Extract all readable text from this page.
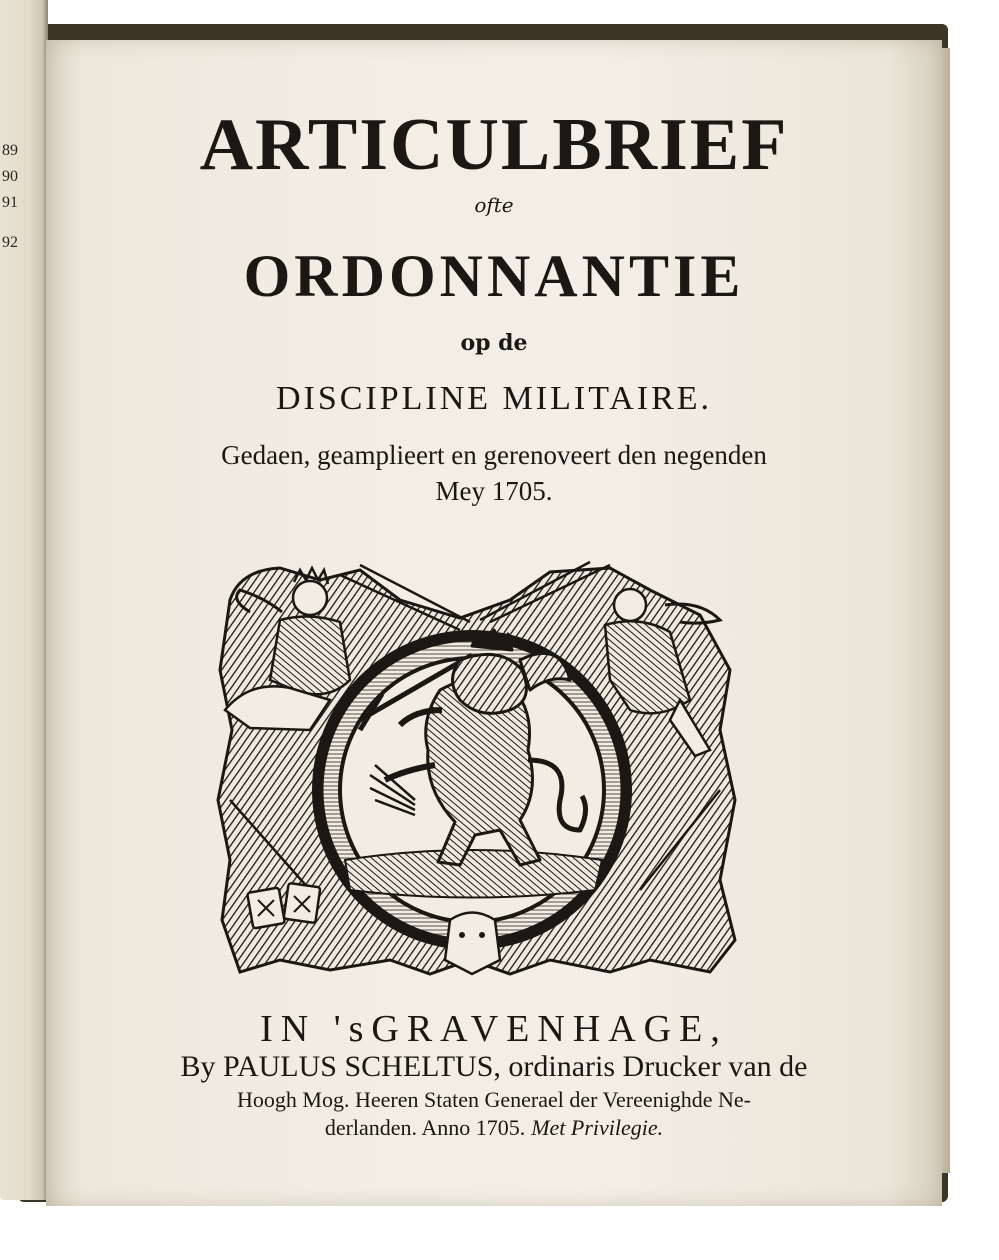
89
90
91
92
ARTICULBRIEF
ofte
ORDONNANTIE
op de
DISCIPLINE MILITAIRE.
Gedaen, geamplieert en gerenoveert den negenden
Mey 1705.
IN 'sGRAVENHAGE,
By PAULUS SCHELTUS, ordinaris Drucker van de
Hoogh Mog. Heeren Staten Generael der Vereenighde Ne-
derlanden. Anno 1705. Met Privilegie.
